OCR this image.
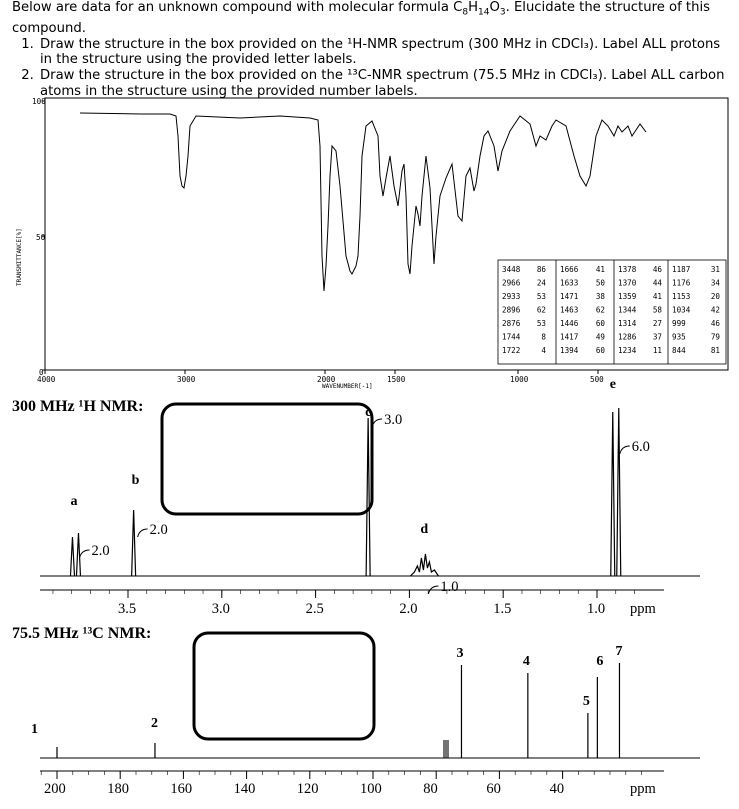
Below are data for an unknown compound with molecular formula $C_8H_{14}O_3$. Elucidate the structure of this compound.

1. Draw the structure in the box provided on the ¹H-NMR spectrum (300 MHz in CDCl₃). Label ALL protons in the structure using the provided letter labels.
2. Draw the structure in the box provided on the ¹³C-NMR spectrum (75.5 MHz in CDCl₃). Label ALL carbon atoms in the structure using the provided number labels.
100
50
0
TRANSMITTANCE[%]
4000	3000	2000	1500	1000	500
WAVENUMBER[-1]
3448 86 1666 41 1378 46 1187	31
2966 24 1633 50 1370 44 1176	34
2933 53 1471 38 1359 41 1153	20
2896 62 1463 62 1344 58 1034	42
2876 53 1446 60 1314 27 999	46
1744	8 1417 49 1286 37 935	79
1722	4 1394 60 1234 11 844	81
300 MHz ¹H NMR:
a
2.0
b
2.0
c 3.0
d
1.0
e
6.0
3.5	3.0	2.5	2.0	1.5	1.0 ppm
75.5 MHz ¹³C NMR:
1	2
3
4
5
6
7
200	180	160	140	120	100	80	60	40	ppm
